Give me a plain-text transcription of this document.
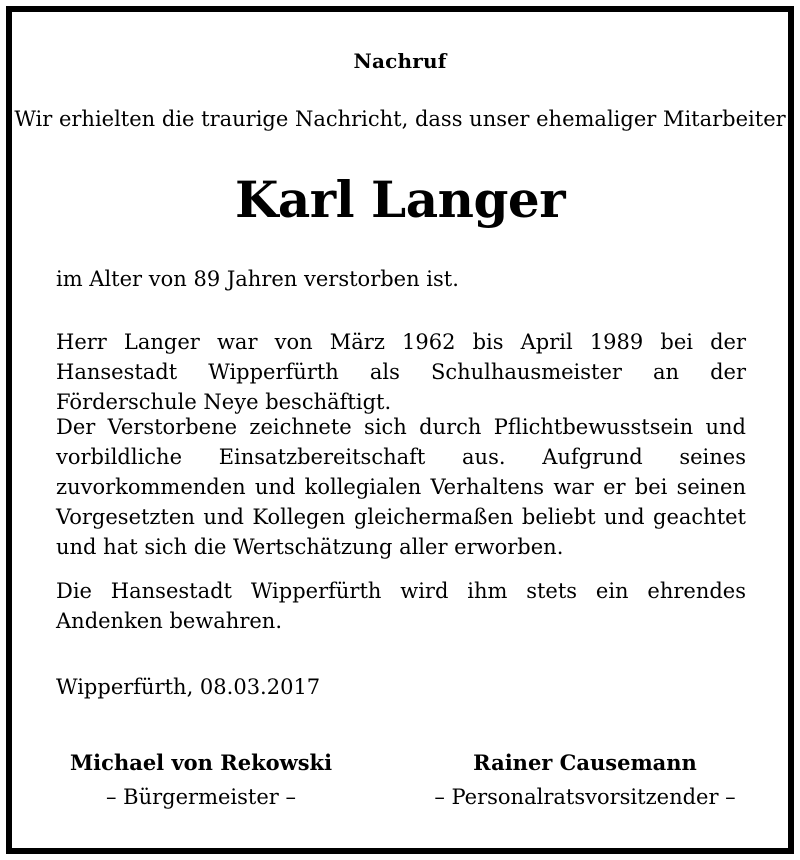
Nachruf
Wir erhielten die traurige Nachricht, dass unser ehemaliger Mitarbeiter
Karl Langer
im Alter von 89 Jahren verstorben ist.
Herr Langer war von März 1962 bis April 1989 bei der Hansestadt Wipperfürth als Schulhausmeister an der Förderschule Neye beschäftigt.
Der Verstorbene zeichnete sich durch Pflichtbewusstsein und vorbildliche Einsatzbereitschaft aus. Aufgrund seines zuvorkommenden und kollegialen Verhaltens war er bei seinen Vorgesetzten und Kollegen gleichermaßen beliebt und geachtet und hat sich die Wertschätzung aller erworben.
Die Hansestadt Wipperfürth wird ihm stets ein ehrendes Andenken bewahren.
Wipperfürth, 08.03.2017
Michael von Rekowski
– Bürgermeister –
Rainer Causemann
– Personalratsvorsitzender –
